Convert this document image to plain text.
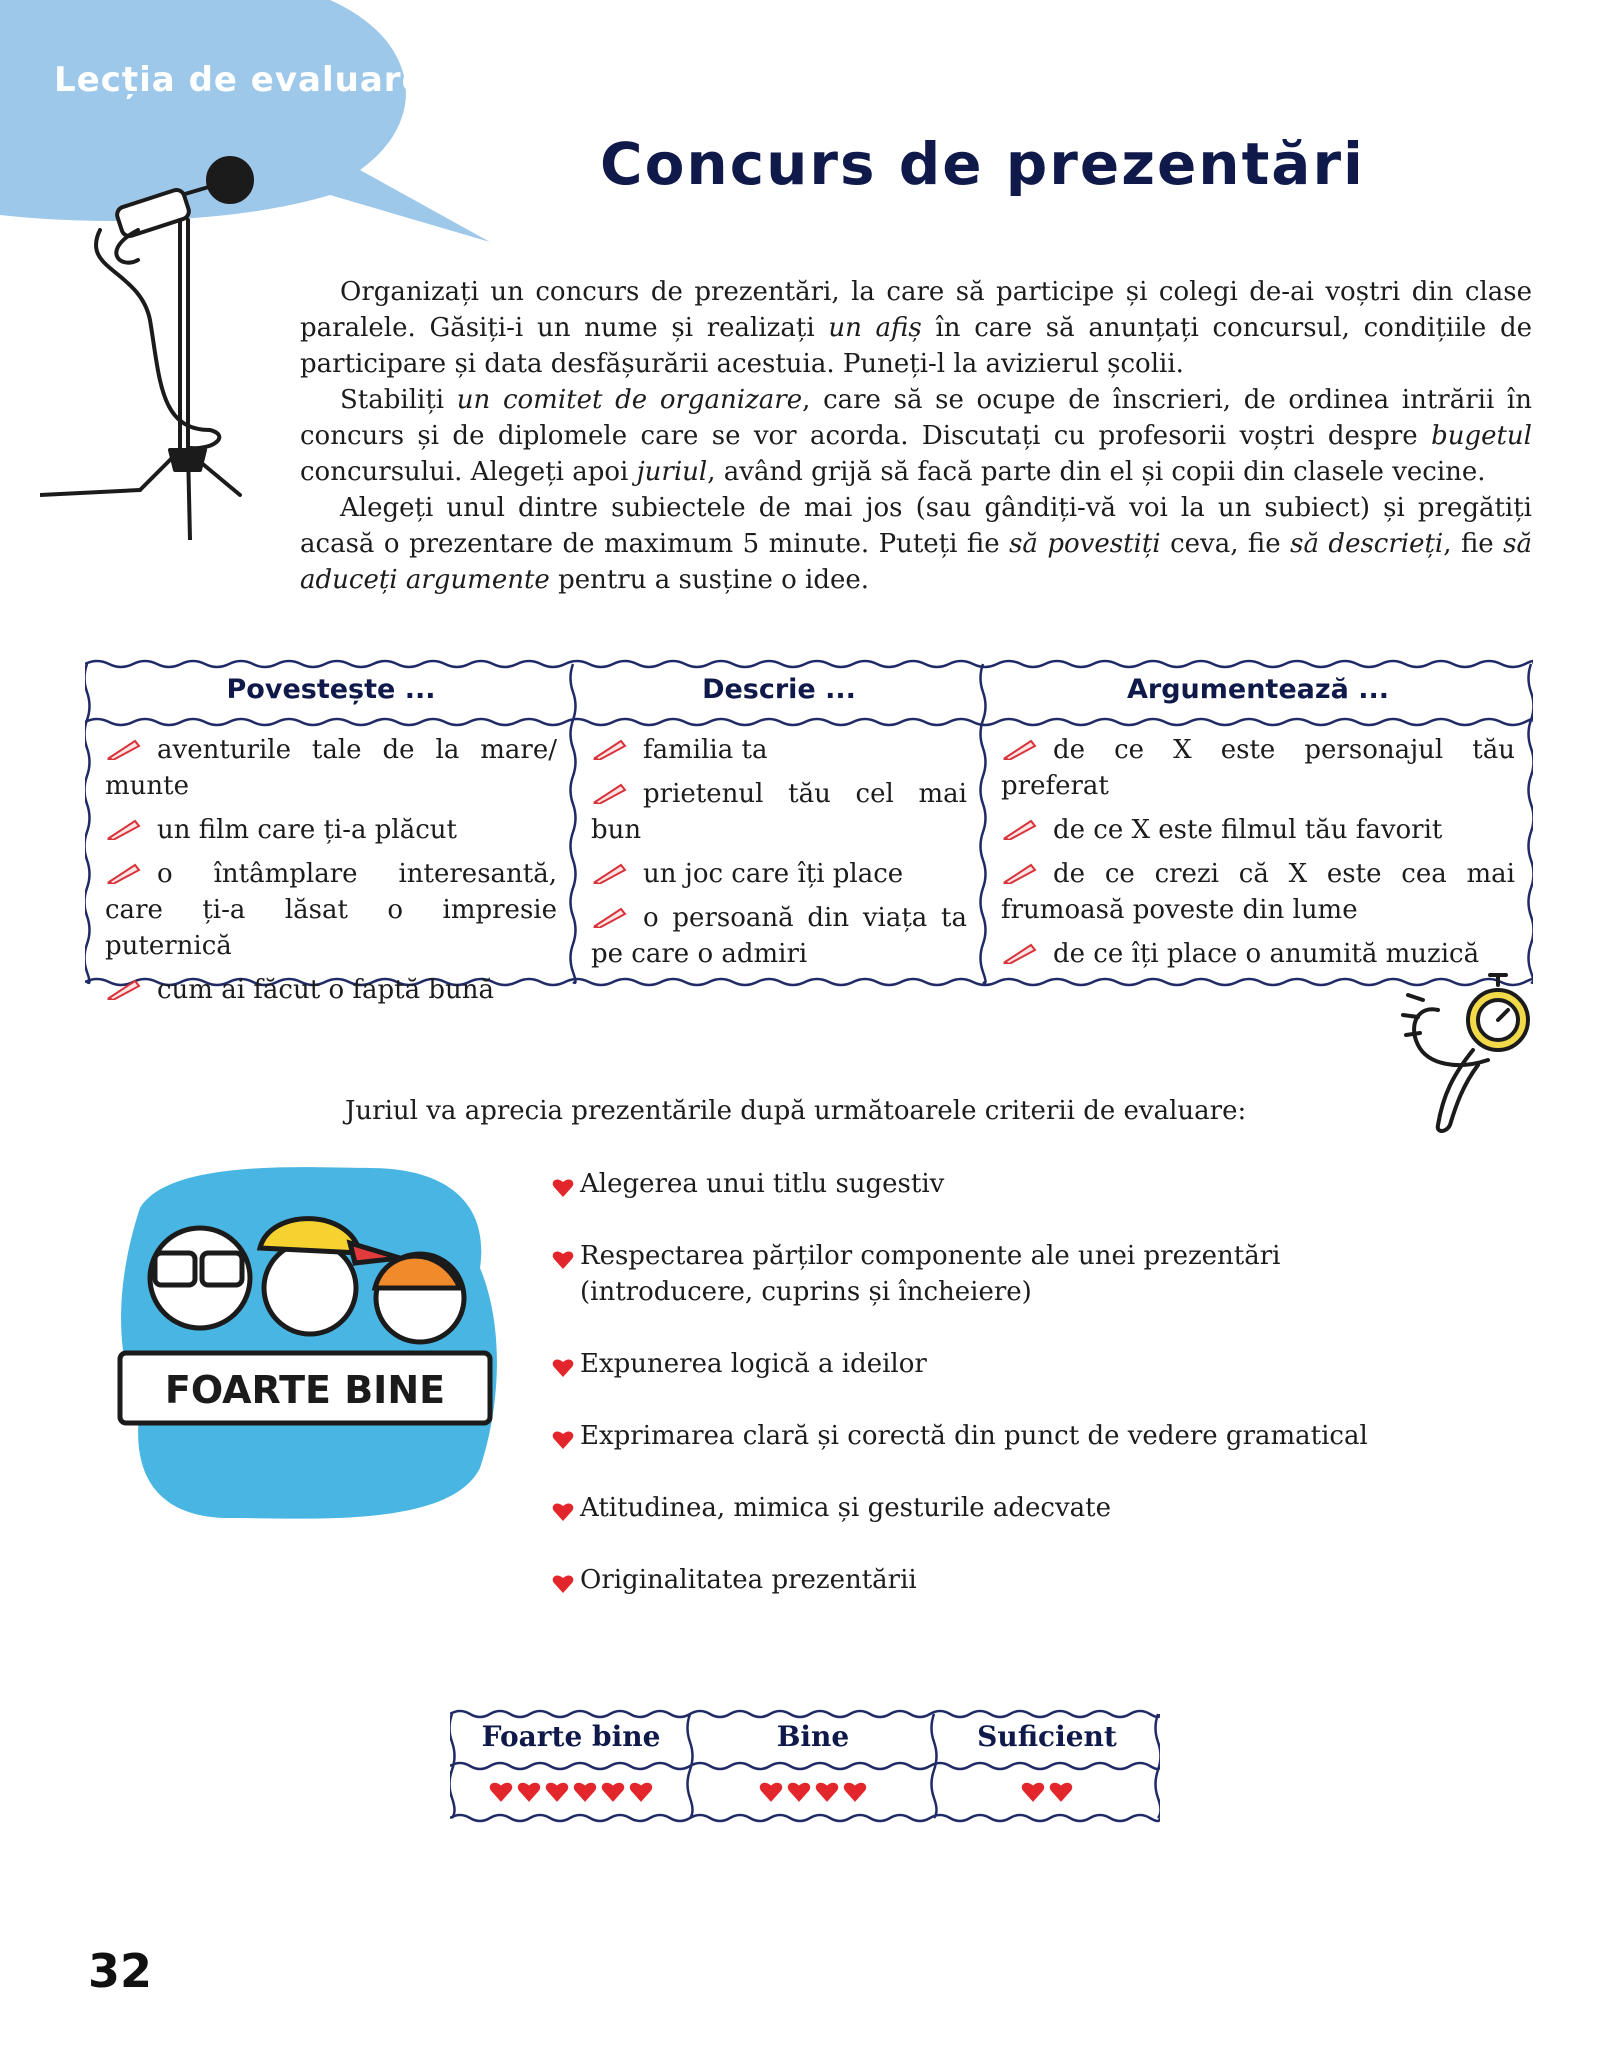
Lecția de evaluare
Concurs de prezentări

Organizați un concurs de prezentări, la care să participe și colegi de-ai voștri din clase paralele. Găsiți-i un nume și realizați un afiș în care să anunțați concursul, condițiile de participare și data desfășurării acestuia. Puneți-l la avizierul școlii.

Stabiliți un comitet de organizare, care să se ocupe de înscrieri, de ordinea intrării în concurs și de diplomele care se vor acorda. Discutați cu profesorii voștri despre bugetul concursului. Alegeți apoi juriul, având grijă să facă parte din el și copii din clasele vecine.

Alegeți unul dintre subiectele de mai jos (sau gândiți-vă voi la un subiect) și pregătiți acasă o prezentare de maximum 5 minute. Puteți fie să povestiți ceva, fie să descrieți, fie să aduceți argumente pentru a susține o idee.

Povestește ...
aventurile tale de la mare/ munte
un film care ți-a plăcut
o întâmplare interesantă, care ți-a lăsat o impresie puternică
cum ai făcut o faptă bună
Descrie ...
familia ta
prietenul tău cel mai bun
un joc care îți place
o persoană din viața ta pe care o admiri
Argumentează ...
de ce X este personajul tău preferat
de ce X este filmul tău favorit
de ce crezi că X este cea mai frumoasă poveste din lume
de ce îți place o anumită muzică
Juriul va aprecia prezentările după următoarele criterii de evaluare:
FOARTE BINE
Alegerea unui titlu sugestiv
Respectarea părților componente ale unei prezentări (introducere, cuprins și încheiere)
Expunerea logică a ideilor
Exprimarea clară și corectă din punct de vedere gramatical
Atitudinea, mimica și gesturile adecvate
Originalitatea prezentării
Foarte bine	Bine	Suficient
32
